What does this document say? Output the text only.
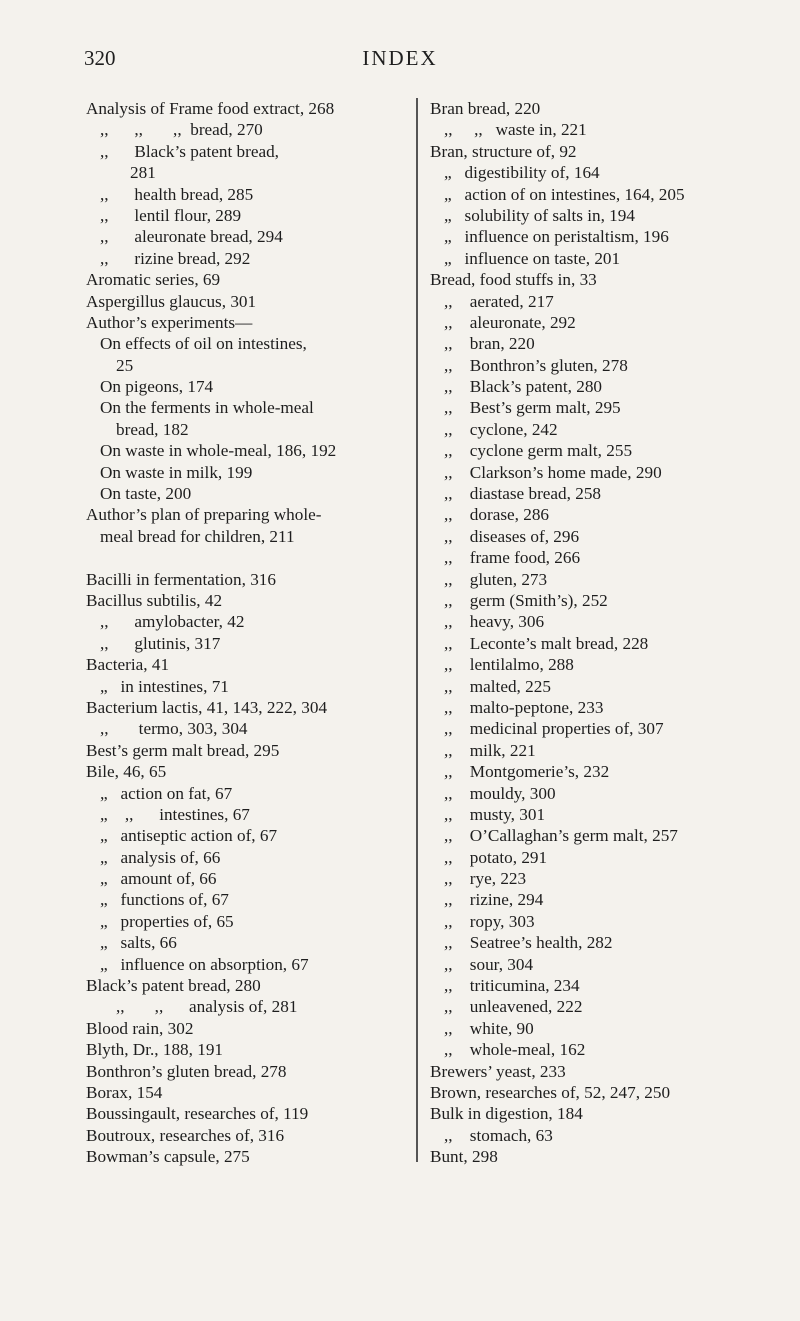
320	INDEX
Analysis of Frame food extract, 268
,,      ,,       ,,  bread, 270
,,      Black’s patent bread,
281
,,      health bread, 285
,,      lentil flour, 289
,,      aleuronate bread, 294
,,      rizine bread, 292
Aromatic series, 69
Aspergillus glaucus, 301
Author’s experiments—
On effects of oil on intestines,
25
On pigeons, 174
On the ferments in whole-meal
bread, 182
On waste in whole-meal, 186, 192
On waste in milk, 199
On taste, 200
Author’s plan of preparing whole-
meal bread for children, 211
Bacilli in fermentation, 316
Bacillus subtilis, 42
,,      amylobacter, 42
,,      glutinis, 317
Bacteria, 41
„   in intestines, 71
Bacterium lactis, 41, 143, 222, 304
,,       termo, 303, 304
Best’s germ malt bread, 295
Bile, 46, 65
„   action on fat, 67
„    ,,      intestines, 67
„   antiseptic action of, 67
„   analysis of, 66
„   amount of, 66
„   functions of, 67
„   properties of, 65
„   salts, 66
„   influence on absorption, 67
Black’s patent bread, 280
,,       ,,      analysis of, 281
Blood rain, 302
Blyth, Dr., 188, 191
Bonthron’s gluten bread, 278
Borax, 154
Boussingault, researches of, 119
Boutroux, researches of, 316
Bowman’s capsule, 275
Bran bread, 220
,,     ,,   waste in, 221
Bran, structure of, 92
„   digestibility of, 164
„   action of on intestines, 164, 205
„   solubility of salts in, 194
„   influence on peristaltism, 196
„   influence on taste, 201
Bread, food stuffs in, 33
,,    aerated, 217
,,    aleuronate, 292
,,    bran, 220
,,    Bonthron’s gluten, 278
,,    Black’s patent, 280
,,    Best’s germ malt, 295
,,    cyclone, 242
,,    cyclone germ malt, 255
,,    Clarkson’s home made, 290
,,    diastase bread, 258
,,    dorase, 286
,,    diseases of, 296
,,    frame food, 266
,,    gluten, 273
,,    germ (Smith’s), 252
,,    heavy, 306
,,    Leconte’s malt bread, 228
,,    lentilalmo, 288
,,    malted, 225
,,    malto-peptone, 233
,,    medicinal properties of, 307
,,    milk, 221
,,    Montgomerie’s, 232
,,    mouldy, 300
,,    musty, 301
,,    O’Callaghan’s germ malt, 257
,,    potato, 291
,,    rye, 223
,,    rizine, 294
,,    ropy, 303
,,    Seatree’s health, 282
,,    sour, 304
,,    triticumina, 234
,,    unleavened, 222
,,    white, 90
,,    whole-meal, 162
Brewers’ yeast, 233
Brown, researches of, 52, 247, 250
Bulk in digestion, 184
,,    stomach, 63
Bunt, 298
